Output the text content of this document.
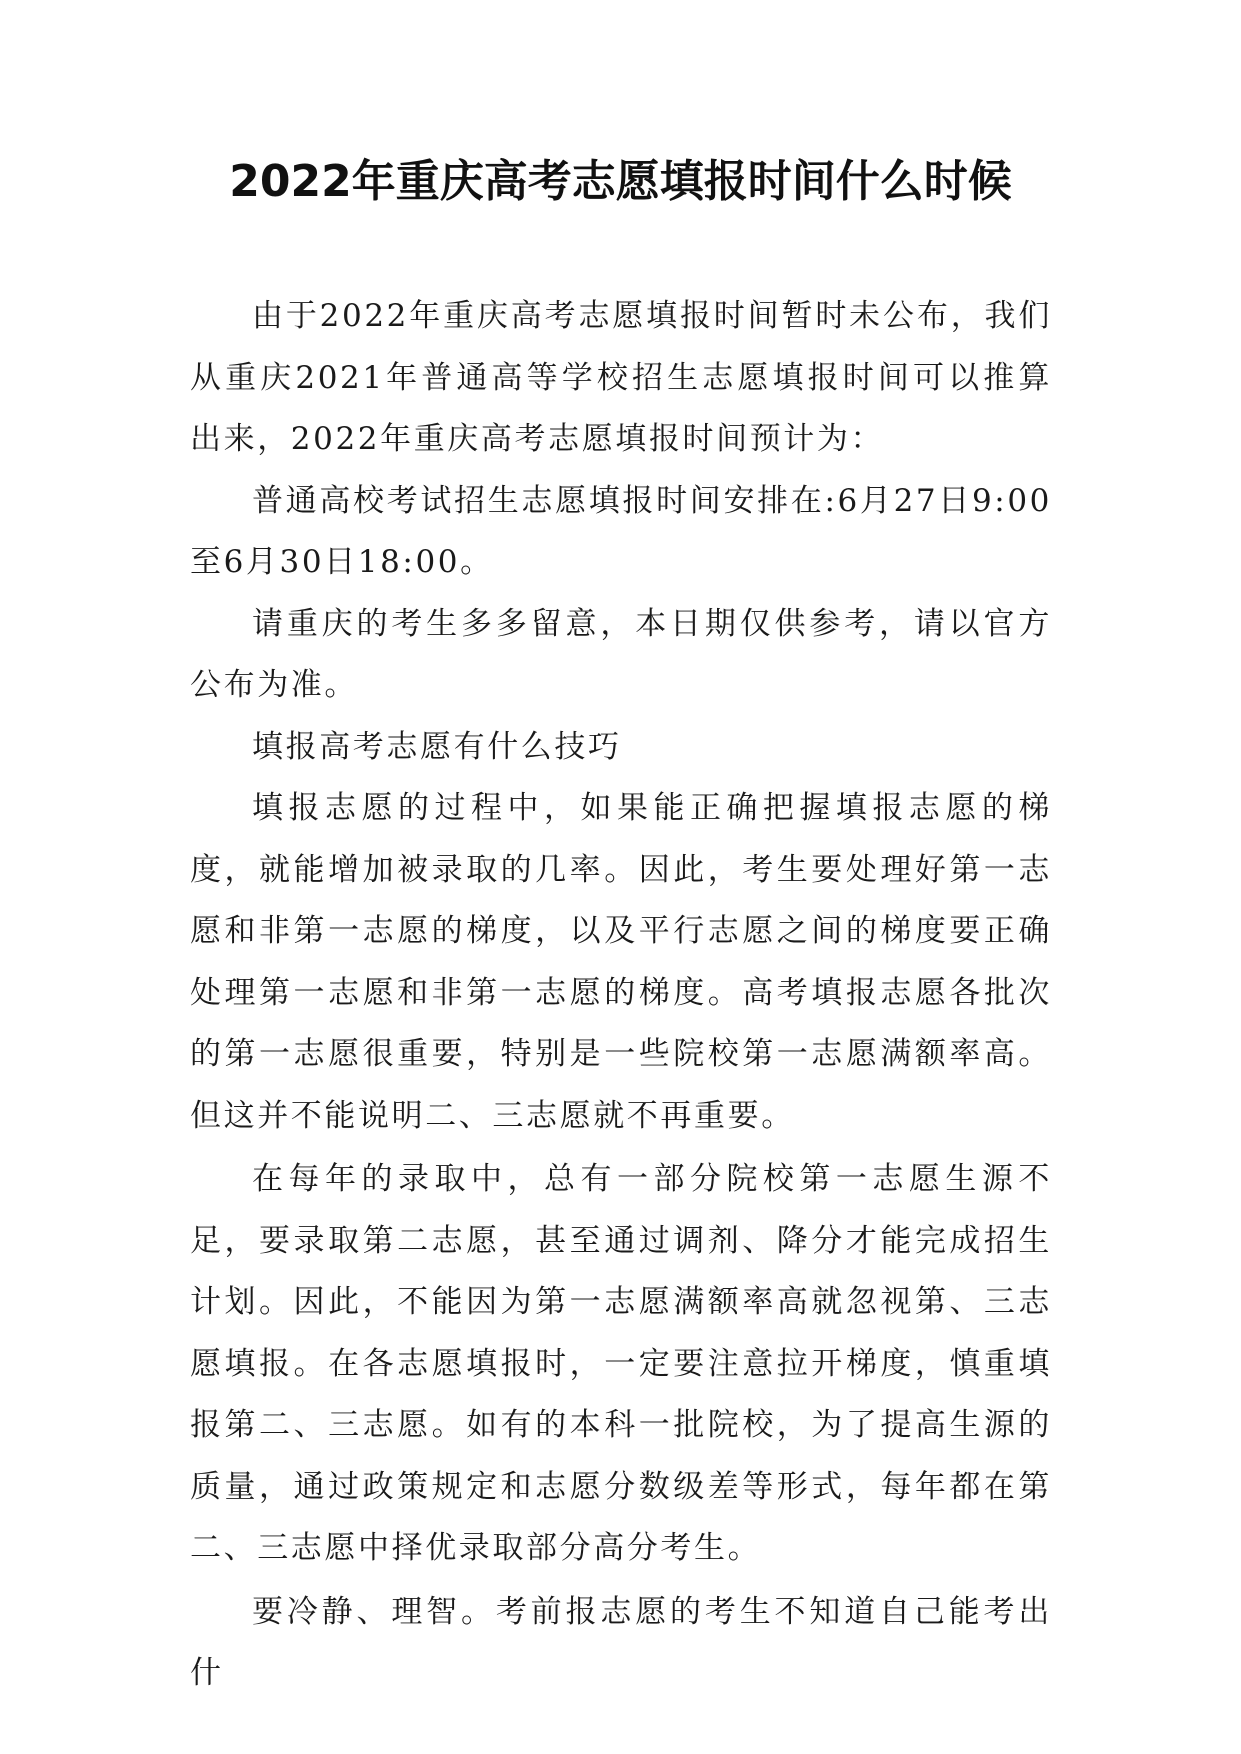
2022年重庆高考志愿填报时间什么时候

由于2022年重庆高考志愿填报时间暂时未公布，我们从重庆2021年普通高等学校招生志愿填报时间可以推算出来，2022年重庆高考志愿填报时间预计为：

普通高校考试招生志愿填报时间安排在:6月27日9:00至6月30日18:00。

请重庆的考生多多留意，本日期仅供参考，请以官方公布为准。

填报高考志愿有什么技巧

填报志愿的过程中，如果能正确把握填报志愿的梯度，就能增加被录取的几率。因此，考生要处理好第一志愿和非第一志愿的梯度，以及平行志愿之间的梯度要正确处理第一志愿和非第一志愿的梯度。高考填报志愿各批次的第一志愿很重要，特别是一些院校第一志愿满额率高。但这并不能说明二、三志愿就不再重要。

在每年的录取中，总有一部分院校第一志愿生源不足，要录取第二志愿，甚至通过调剂、降分才能完成招生计划。因此，不能因为第一志愿满额率高就忽视第、三志愿填报。在各志愿填报时，一定要注意拉开梯度，慎重填报第二、三志愿。如有的本科一批院校，为了提高生源的质量，通过政策规定和志愿分数级差等形式，每年都在第二、三志愿中择优录取部分高分考生。

要冷静、理智。考前报志愿的考生不知道自己能考出什
